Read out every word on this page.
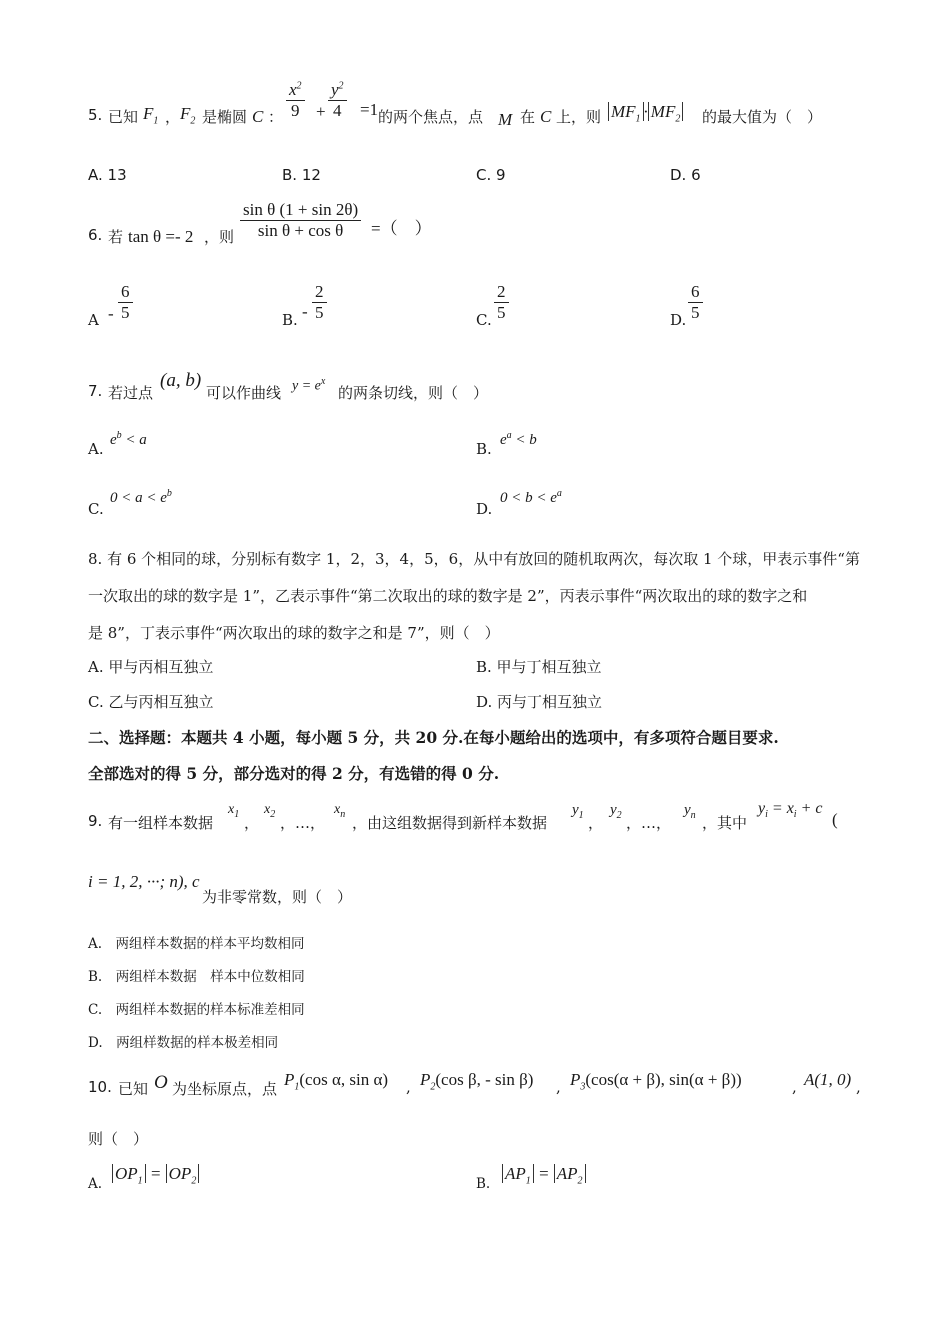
5. 已知 $F_1$ ， $F_2$ 是椭圆 C ： $\frac{x^2}{9} + \frac{y^2}{4} =1$ 的两个焦点，点 M 在 C 上，则 $MF_1 \cdot MF_2$ 的最大值为（　）
A. 13	B. 12	C. 9	D. 6
6. 若 tan θ =- 2 ，则 $\frac{\text{sin θ (1 + sin 2θ)}}{\text{sin θ + cos θ}}$ =（　）
A - $\frac{6}{5}$	B. - $\frac{2}{5}$	C. $\frac{2}{5}$	D. $\frac{6}{5}$
7. 若过点
(a, b)
可以作曲线 $y = e^x$
的两条切线，则（　）
A. $e^b < a$	B. $e^a < b$
C.
$0 < a < e^b$
D.
$0 < b < e^a$
8. 有 6 个相同的球，分别标有数字 1，2，3，4，5，6，从中有放回的随机取两次，每次取 1 个球，甲表示事件“第
一次取出的球的数字是 1”，乙表示事件“第二次取出的球的数字是 2”，丙表示事件“两次取出的球的数字之和
是 8”，丁表示事件“两次取出的球的数字之和是 7”，则（　）
A. 甲与丙相互独立	B. 甲与丁相互独立
C. 乙与丙相互独立	D. 丙与丁相互独立
二、选择题：本题共 4 小题，每小题 5 分，共 20 分.在每小题给出的选项中，有多项符合题目要求.
全部选对的得 5 分，部分选对的得 2 分，有选错的得 0 分.
9. 有一组样本数据
$x_1$ ，
$x_2$ ，…，
$x_n$ ，由这组数据得到新样本数据
$y_1$ ，
$y_2$ ，…，
$y_n$ ，其中
$y_i = x_i + c$
(
i = 1, 2, ···; n), c
为非零常数，则（　）
A.　两组样本数据的样本平均数相同
B.　两组样本数据　样本中位数相同
C.　两组样本数据的样本标准差相同
D.　两组样数据的样本极差相同
10. 已知 O 为坐标原点，点 $P_1(\cos$ α, sin α) , $P_2(\cos$ β, - sin β) , $P_3(\cos(\alpha + \beta)$, sin(α + β))	, A(1, 0) ,
则（　）
A.
$OP_1 = OP_2$	B.
$AP_1 = AP_2$
